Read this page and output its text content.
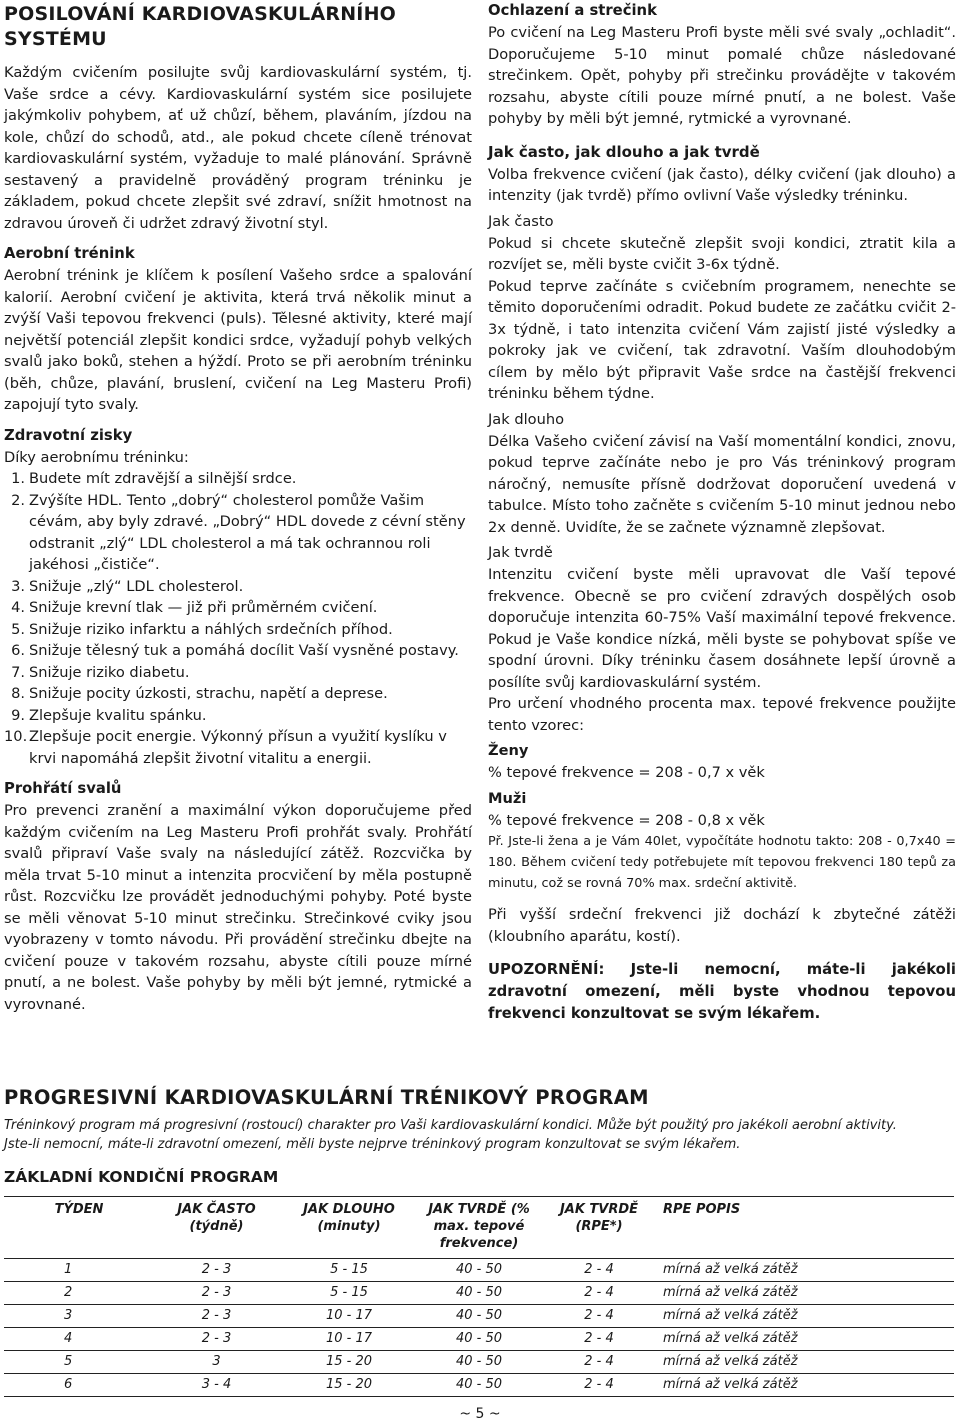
POSILOVÁNÍ KARDIOVASKULÁRNÍHO SYSTÉMU

Každým cvičením posilujte svůj kardiovaskulární systém, tj. Vaše srdce a cévy. Kardiovaskulární systém sice posilujete jakýmkoliv pohybem, ať už chůzí, během, plaváním, jízdou na kole, chůzí do schodů, atd., ale pokud chcete cíleně trénovat kardiovaskulární systém, vyžaduje to malé plánování. Správně sestavený a pravidelně prováděný program tréninku je základem, pokud chcete zlepšit své zdraví, snížit hmotnost na zdravou úroveň či udržet zdravý životní styl.

Aerobní trénink

Aerobní trénink je klíčem k posílení Vašeho srdce a spalování kalorií. Aerobní cvičení je aktivita, která trvá několik minut a zvýší Vaši tepovou frekvenci (puls). Tělesné aktivity, které mají největší potenciál zlepšit kondici srdce, vyžadují pohyb velkých svalů jako boků, stehen a hýždí. Proto se při aerobním tréninku (běh, chůze, plavání, bruslení, cvičení na Leg Masteru Profi) zapojují tyto svaly.

Zdravotní zisky

Díky aerobnímu tréninku:

1. Budete mít zdravější a silnější srdce.
2. Zvýšíte HDL. Tento „dobrý“ cholesterol pomůže Vašim cévám, aby byly zdravé. „Dobrý“ HDL dovede z cévní stěny odstranit „zlý“ LDL cholesterol a má tak ochrannou roli jakéhosi „čističe“.
3. Snižuje „zlý“ LDL cholesterol.
4. Snižuje krevní tlak — již při průměrném cvičení.
5. Snižuje riziko infarktu a náhlých srdečních příhod.
6. Snižuje tělesný tuk a pomáhá docílit Vaší vysněné postavy.
7. Snižuje riziko diabetu.
8. Snižuje pocity úzkosti, strachu, napětí a deprese.
9. Zlepšuje kvalitu spánku.
10. Zlepšuje pocit energie. Výkonný přísun a využití kyslíku v krvi napomáhá zlepšit životní vitalitu a energii.
Prohřátí svalů

Pro prevenci zranění a maximální výkon doporučujeme před každým cvičením na Leg Masteru Profi prohřát svaly. Prohřátí svalů připraví Vaše svaly na následující zátěž. Rozcvička by měla trvat 5-10 minut a intenzita procvičení by měla postupně růst. Rozcvičku lze provádět jednoduchými pohyby. Poté byste se měli věnovat 5-10 minut strečinku. Strečinkové cviky jsou vyobrazeny v tomto návodu. Při provádění strečinku dbejte na cvičení pouze v takovém rozsahu, abyste cítili pouze mírné pnutí, a ne bolest. Vaše pohyby by měli být jemné, rytmické a vyrovnané.

Ochlazení a strečink

Po cvičení na Leg Masteru Profi byste měli své svaly „ochladit“. Doporučujeme 5-10 minut pomalé chůze následované strečinkem. Opět, pohyby při strečinku provádějte v takovém rozsahu, abyste cítili pouze mírné pnutí, a ne bolest. Vaše pohyby by měli být jemné, rytmické a vyrovnané.

Jak často, jak dlouho a jak tvrdě

Volba frekvence cvičení (jak často), délky cvičení (jak dlouho) a intenzity (jak tvrdě) přímo ovlivní Vaše výsledky tréninku.

Jak často

Pokud si chcete skutečně zlepšit svoji kondici, ztratit kila a rozvíjet se, měli byste cvičit 3-6x týdně.

Pokud teprve začínáte s cvičebním programem, nenechte se těmito doporučeními odradit. Pokud budete ze začátku cvičit 2-3x týdně, i tato intenzita cvičení Vám zajistí jisté výsledky a pokroky jak ve cvičení, tak zdravotní. Vaším dlouhodobým cílem by mělo být připravit Vaše srdce na častější frekvenci tréninku během týdne.

Jak dlouho

Délka Vašeho cvičení závisí na Vaší momentální kondici, znovu, pokud teprve začínáte nebo je pro Vás tréninkový program náročný, nemusíte přísně dodržovat doporučení uvedená v tabulce. Místo toho začněte s cvičením 5-10 minut jednou nebo 2x denně. Uvidíte, že se začnete významně zlepšovat.

Jak tvrdě

Intenzitu cvičení byste měli upravovat dle Vaší tepové frekvence. Obecně se pro cvičení zdravých dospělých osob doporučuje intenzita 60-75% Vaší maximální tepové frekvence. Pokud je Vaše kondice nízká, měli byste se pohybovat spíše ve spodní úrovni. Díky tréninku časem dosáhnete lepší úrovně a posílíte svůj kardiovaskulární systém.

Pro určení vhodného procenta max. tepové frekvence použijte tento vzorec:

Ženy

% tepové frekvence = 208 - 0,7 x věk

Muži

% tepové frekvence = 208 - 0,8 x věk

Př. Jste-li žena a je Vám 40let, vypočítáte hodnotu takto: 208 - 0,7x40 = 180. Během cvičení tedy potřebujete mít tepovou frekvenci 180 tepů za minutu, což se rovná 70% max. srdeční aktivitě.

Při vyšší srdeční frekvenci již dochází k zbytečné zátěži (kloubního aparátu, kostí).

UPOZORNĚNÍ: Jste-li nemocní, máte-li jakékoli zdravotní omezení, měli byste vhodnou tepovou frekvenci konzultovat se svým lékařem.
PROGRESIVNÍ KARDIOVASKULÁRNÍ TRÉNIKOVÝ PROGRAM
Tréninkový program má progresivní (rostoucí) charakter pro Vaši kardiovaskulární kondici. Může být použitý pro jakékoli aerobní aktivity.
Jste-li nemocní, máte-li zdravotní omezení, měli byste nejprve tréninkový program konzultovat se svým lékařem.
ZÁKLADNÍ KONDIČNÍ PROGRAM
TÝDEN	JAK ČASTO (týdně)	JAK DLOUHO (minuty)	JAK TVRDĚ (% max. tepové frekvence)	JAK TVRDĚ (RPE*)	RPE POPIS
1	2 - 3	5 - 15	40 - 50	2 - 4	mírná až velká zátěž
2	2 - 3	5 - 15	40 - 50	2 - 4	mírná až velká zátěž
3	2 - 3	10 - 17	40 - 50	2 - 4	mírná až velká zátěž
4	2 - 3	10 - 17	40 - 50	2 - 4	mírná až velká zátěž
5	3	15 - 20	40 - 50	2 - 4	mírná až velká zátěž
6	3 - 4	15 - 20	40 - 50	2 - 4	mírná až velká zátěž
~ 5 ~
